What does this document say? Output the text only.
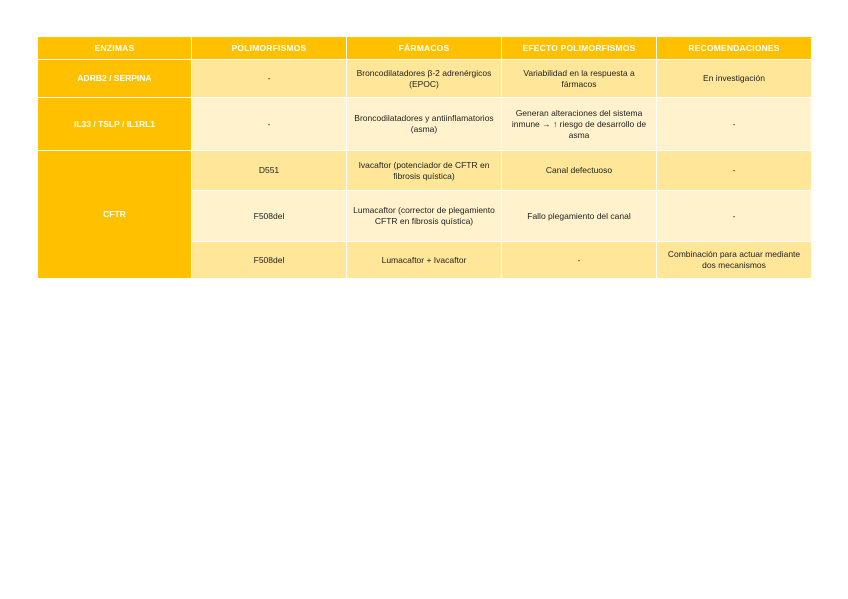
ENZIMAS	POLIMORFISMOS	FÁRMACOS	EFECTO POLIMORFISMOS	RECOMENDACIONES
ADRB2 / SERPINA	-	Broncodilatadores β-2 adrenérgicos (EPOC)	Variabilidad en la respuesta a fármacos	En investigación
IL33 / TSLP / IL1RL1	-	Broncodilatadores y antiinflamatorios (asma)	Generan alteraciones del sistema inmune → ↑ riesgo de desarrollo de asma	-
CFTR	D551	Ivacaftor (potenciador de CFTR en fibrosis quística)	Canal defectuoso	-
	F508del	Lumacaftor (corrector de plegamiento CFTR en fibrosis quística)	Fallo plegamiento del canal	-
	F508del	Lumacaftor + Ivacaftor	-	Combinación para actuar mediante dos mecanismos
